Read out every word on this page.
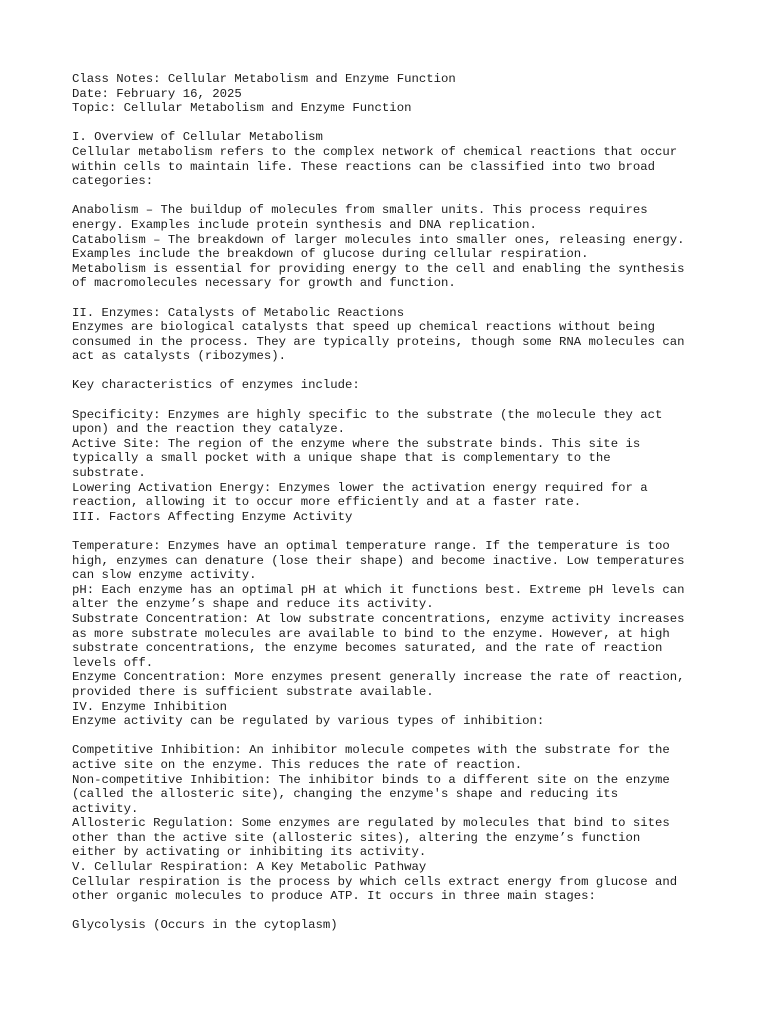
Class Notes: Cellular Metabolism and Enzyme Function
Date: February 16, 2025
Topic: Cellular Metabolism and Enzyme Function
I. Overview of Cellular Metabolism
Cellular metabolism refers to the complex network of chemical reactions that occur
within cells to maintain life. These reactions can be classified into two broad
categories:
Anabolism – The buildup of molecules from smaller units. This process requires
energy. Examples include protein synthesis and DNA replication.
Catabolism – The breakdown of larger molecules into smaller ones, releasing energy.
Examples include the breakdown of glucose during cellular respiration.
Metabolism is essential for providing energy to the cell and enabling the synthesis
of macromolecules necessary for growth and function.
II. Enzymes: Catalysts of Metabolic Reactions
Enzymes are biological catalysts that speed up chemical reactions without being
consumed in the process. They are typically proteins, though some RNA molecules can
act as catalysts (ribozymes).
Key characteristics of enzymes include:
Specificity: Enzymes are highly specific to the substrate (the molecule they act
upon) and the reaction they catalyze.
Active Site: The region of the enzyme where the substrate binds. This site is
typically a small pocket with a unique shape that is complementary to the
substrate.
Lowering Activation Energy: Enzymes lower the activation energy required for a
reaction, allowing it to occur more efficiently and at a faster rate.
III. Factors Affecting Enzyme Activity
Temperature: Enzymes have an optimal temperature range. If the temperature is too
high, enzymes can denature (lose their shape) and become inactive. Low temperatures
can slow enzyme activity.
pH: Each enzyme has an optimal pH at which it functions best. Extreme pH levels can
alter the enzyme’s shape and reduce its activity.
Substrate Concentration: At low substrate concentrations, enzyme activity increases
as more substrate molecules are available to bind to the enzyme. However, at high
substrate concentrations, the enzyme becomes saturated, and the rate of reaction
levels off.
Enzyme Concentration: More enzymes present generally increase the rate of reaction,
provided there is sufficient substrate available.
IV. Enzyme Inhibition
Enzyme activity can be regulated by various types of inhibition:
Competitive Inhibition: An inhibitor molecule competes with the substrate for the
active site on the enzyme. This reduces the rate of reaction.
Non-competitive Inhibition: The inhibitor binds to a different site on the enzyme
(called the allosteric site), changing the enzyme's shape and reducing its
activity.
Allosteric Regulation: Some enzymes are regulated by molecules that bind to sites
other than the active site (allosteric sites), altering the enzyme’s function
either by activating or inhibiting its activity.
V. Cellular Respiration: A Key Metabolic Pathway
Cellular respiration is the process by which cells extract energy from glucose and
other organic molecules to produce ATP. It occurs in three main stages:
Glycolysis (Occurs in the cytoplasm)
